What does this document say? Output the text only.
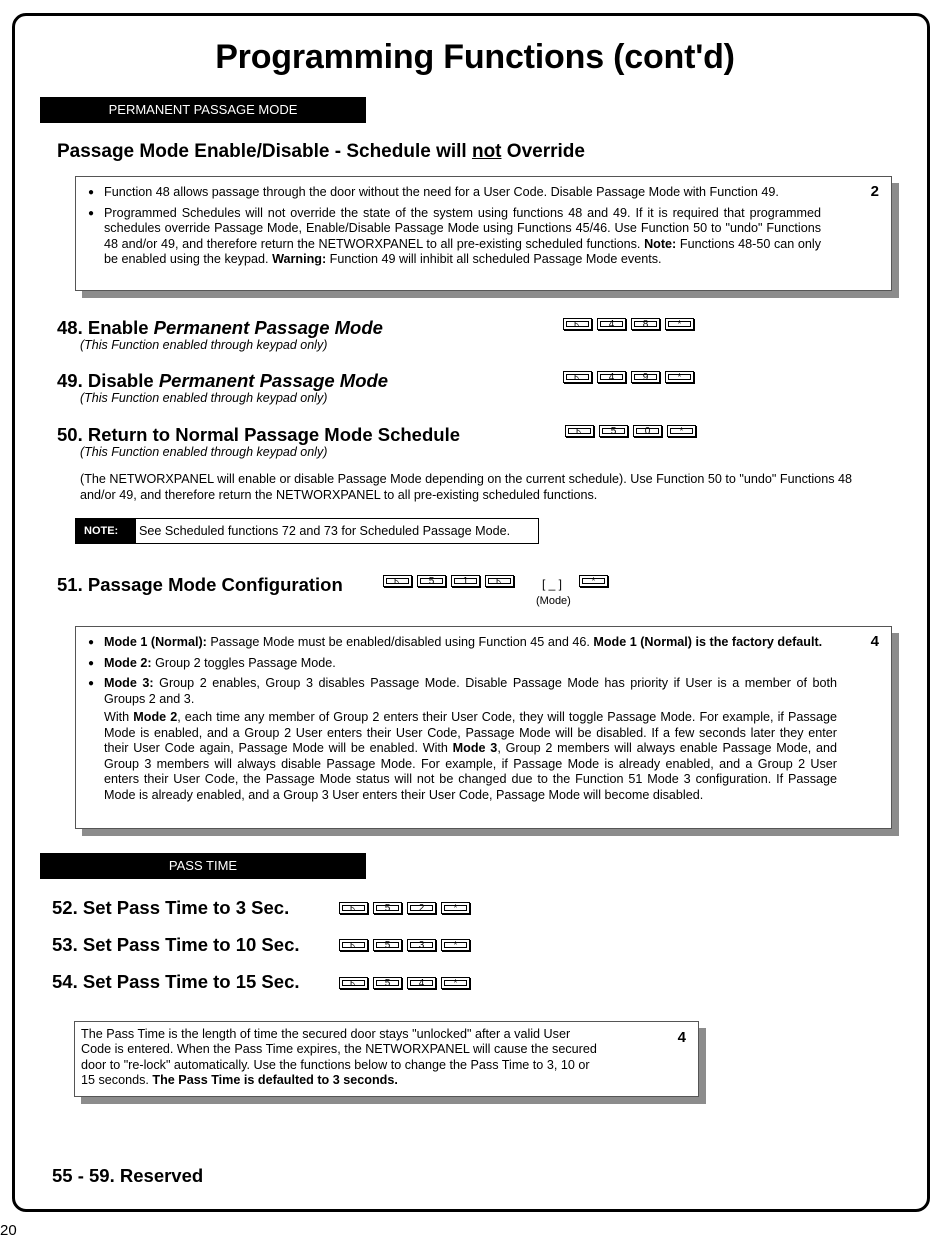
Programming Functions (cont'd)
PERMANENT PASSAGE MODE
Passage Mode Enable/Disable - Schedule will not Override
2
● Function 48 allows passage through the door without the need for a User Code. Disable Passage Mode with Function 49.
● Programmed Schedules will not override the state of the system using functions 48 and 49. If it is required that programmed schedules override Passage Mode, Enable/Disable Passage Mode using Functions 45/46. Use Function 50 to "undo" Functions 48 and/or 49, and therefore return the NETWORXPANEL to all pre-existing scheduled functions. Note: Functions 48-50 can only be enabled using the keypad. Warning: Function 49 will inhibit all scheduled Passage Mode events.
48. Enable Permanent Passage Mode
(This Function enabled through keypad only)
⊾	4	8	*
49. Disable Permanent Passage Mode
(This Function enabled through keypad only)
⊾	4	9	*
50. Return to Normal Passage Mode Schedule
(This Function enabled through keypad only)
⊾	5	0	*
(The NETWORXPANEL will enable or disable Passage Mode depending on the current schedule). Use Function 50 to "undo" Functions 48 and/or 49, and therefore return the NETWORXPANEL to all pre-existing scheduled functions.
NOTE:	See Scheduled functions 72 and 73 for Scheduled Passage Mode.
51. Passage Mode Configuration	⊾	5	1	⊾	[ _ ]	*
(Mode)
4
● Mode 1 (Normal): Passage Mode must be enabled/disabled using Function 45 and 46. Mode 1 (Normal) is the factory default.
● Mode 2: Group 2 toggles Passage Mode.
● Mode 3: Group 2 enables, Group 3 disables Passage Mode. Disable Passage Mode has priority if User is a member of both Groups 2 and 3.

With Mode 2, each time any member of Group 2 enters their User Code, they will toggle Passage Mode. For example, if Passage Mode is enabled, and a Group 2 User enters their User Code, Passage Mode will be disabled. If a few seconds later they enter their User Code again, Passage Mode will be enabled. With Mode 3, Group 2 members will always enable Passage Mode, and Group 3 members will always disable Passage Mode. For example, if Passage Mode is already enabled, and a Group 2 User enters their User Code, the Passage Mode status will not be changed due to the Function 51 Mode 3 configuration. If Passage Mode is already enabled, and a Group 3 User enters their User Code, Passage Mode will become disabled.

PASS TIME
52. Set Pass Time to 3 Sec.	⊾	5	2	*
53. Set Pass Time to 10 Sec.	⊾	5	3	*
54. Set Pass Time to 15 Sec.	⊾	5	4	*
4
The Pass Time is the length of time the secured door stays "unlocked" after a valid User Code is entered. When the Pass Time expires, the NETWORXPANEL will cause the secured door to "re-lock" automatically. Use the functions below to change the Pass Time to 3, 10 or 15 seconds. The Pass Time is defaulted to 3 seconds.
55 - 59. Reserved
20
